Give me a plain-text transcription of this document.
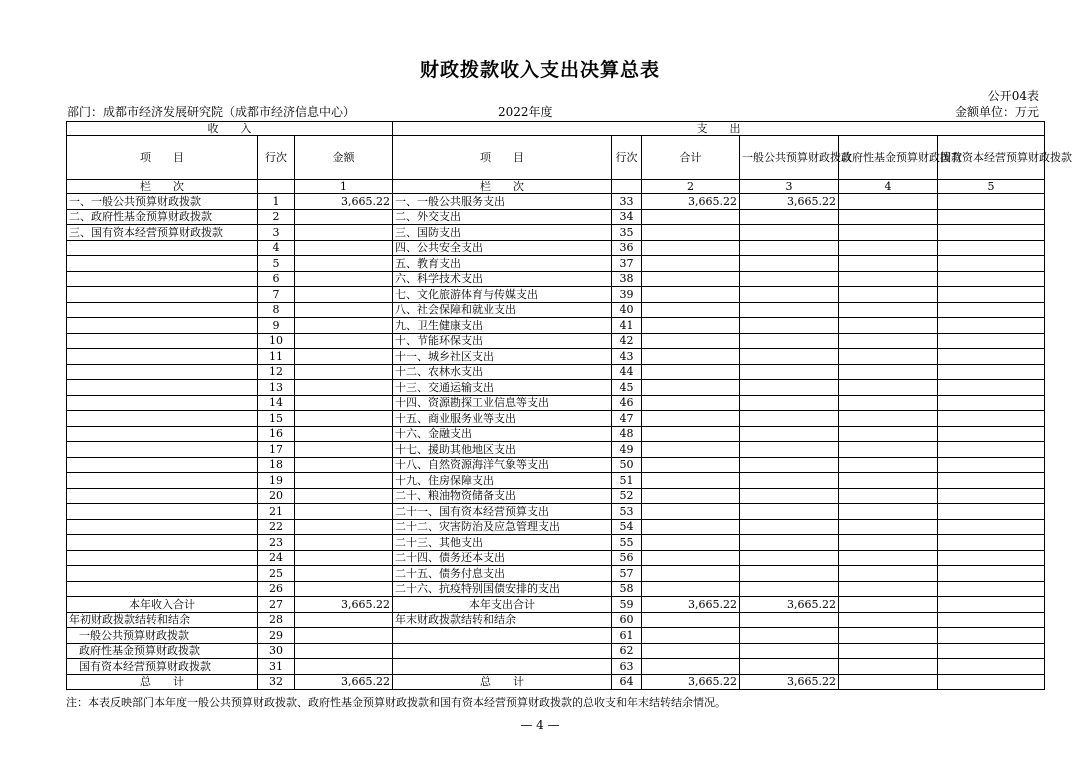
财政拨款收入支出决算总表
公开04表
部门：成都市经济发展研究院（成都市经济信息中心）	2022年度	金额单位：万元
收　　入			支　　出					
项　　目	行次	金额	项　　目	行次	合计	一般公共预算财政拨款	政府性基金预算财政拨款	国有资本经营预算财政拨款
栏　　次		1	栏　　次		2	3	4	5
一、一般公共预算财政拨款	1	3,665.22	一、一般公共服务支出	33	3,665.22	3,665.22		
二、政府性基金预算财政拨款	2		二、外交支出	34				
三、国有资本经营预算财政拨款	3		三、国防支出	35				
	4		四、公共安全支出	36				
	5		五、教育支出	37				
	6		六、科学技术支出	38				
	7		七、文化旅游体育与传媒支出	39				
	8		八、社会保障和就业支出	40				
	9		九、卫生健康支出	41				
	10		十、节能环保支出	42				
	11		十一、城乡社区支出	43				
	12		十二、农林水支出	44				
	13		十三、交通运输支出	45				
	14		十四、资源勘探工业信息等支出	46				
	15		十五、商业服务业等支出	47				
	16		十六、金融支出	48				
	17		十七、援助其他地区支出	49				
	18		十八、自然资源海洋气象等支出	50				
	19		十九、住房保障支出	51				
	20		二十、粮油物资储备支出	52				
	21		二十一、国有资本经营预算支出	53				
	22		二十二、灾害防治及应急管理支出	54				
	23		二十三、其他支出	55				
	24		二十四、债务还本支出	56				
	25		二十五、债务付息支出	57				
	26		二十六、抗疫特别国债安排的支出	58				
本年收入合计	27	3,665.22	本年支出合计	59	3,665.22	3,665.22		
年初财政拨款结转和结余	28		年末财政拨款结转和结余	60				
一般公共预算财政拨款	29			61				
政府性基金预算财政拨款	30			62				
国有资本经营预算财政拨款	31			63				
总　　计	32	3,665.22	总　　计	64	3,665.22	3,665.22		
注：本表反映部门本年度一般公共预算财政拨款、政府性基金预算财政拨款和国有资本经营预算财政拨款的总收支和年末结转结余情况。
— 4 —
